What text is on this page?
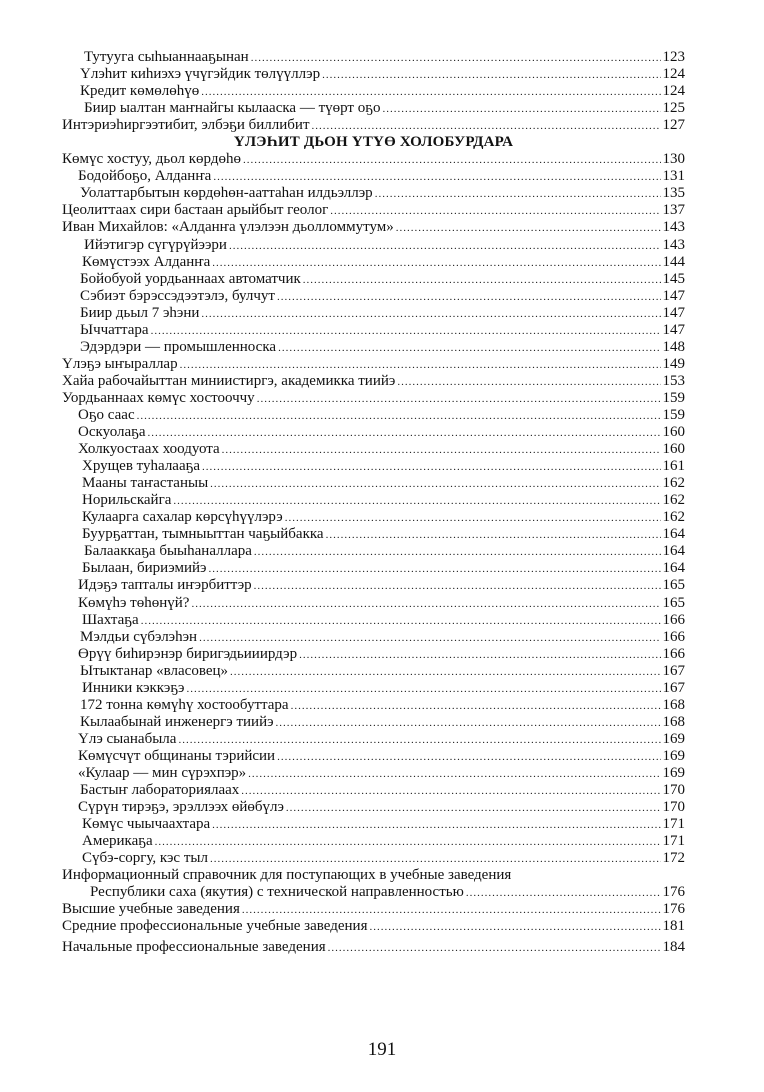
Тутууга сыһыаннааҕынан .....	123
Үлэһит киһиэхэ үчүгэйдик төлүүллэр .....	124
Кредит көмөлөһүө .....	124
Биир ыалтан маҥнайгы кылааска — түөрт оҕо .....	125
Интэриэһиргээтибит, элбэҕи биллибит .....	127
ҮЛЭҺИТ ДЬОН ҮТҮӨ ХОЛОБУРДАРА
Көмүс хостуу, дьол көрдөһө .....	130
Бодойбоҕо, Алданҥа .....	131
Уолаттарбытын көрдөһөн-ааттаһан илдьэллэр .....	135
Цеолиттаах сири бастаан арыйбыт геолог .....	137
Иван Михайлов: «Алданҥа үлэлээн дьолломмутум» .....	143
Ийэтигэр сүгүрүйээри .....	143
Көмүстээх Алданҥа .....	144
Бойобуой уордьаннаах автоматчик .....	145
Сэбиэт бэрэссэдээтэлэ, булчут .....	147
Биир дьыл 7 эһэни .....	147
Ыччаттара .....	147
Эдэрдэри — промышленноска .....	148
Үлэҕэ ыҥыраллар .....	149
Хайа рабочайыттан миниистиргэ, академикка тиийэ .....	153
Уордьаннаах көмүс хостооччу .....	159
Оҕо саас .....	159
Оскуолаҕа .....	160
Холкуостаах хоодуота .....	160
Хрущев туһалааҕа .....	161
Мааны таҥастаныы .....	162
Норильскайга .....	162
Кулаарга сахалар көрсүһүүлэрэ .....	162
Буурҕаттан, тымныыттан чаҕыйбакка .....	164
Балааккаҕа быыһаналлара .....	164
Былаан, бириэмийэ .....	164
Идэҕэ тапталы иҥэрбиттэр .....	165
Көмүһэ төһөнүй? .....	165
Шахтаҕа .....	166
Мэлдьи сүбэлэһэн .....	166
Өрүү биһирэнэр биригэдьииирдэр .....	166
Ытыктанар «власовец» .....	167
Инники кэккэҕэ .....	167
172 тонна көмүһү хостообуттара .....	168
Кылаабынай инженергэ тиийэ .....	168
Үлэ сыанабыла .....	169
Көмүсчүт общинаны тэрийсии .....	169
«Кулаар — мин сүрэхпэр» .....	169
Бастыҥ лабораториялаах .....	170
Сүрүн тирэҕэ, эрэллээх өйөбүлэ .....	170
Көмүс чыычаахтара .....	171
Америкаҕа .....	171
Сүбэ-соргу, кэс тыл .....	172
Информационный справочник для поступающих в учебные заведения
Республики саха (якутия) с технической направленностью .....	176
Высшие учебные заведения .....	176
Средние профессиональные учебные заведения .....	181
Начальные профессиональные заведения .....	184
191
